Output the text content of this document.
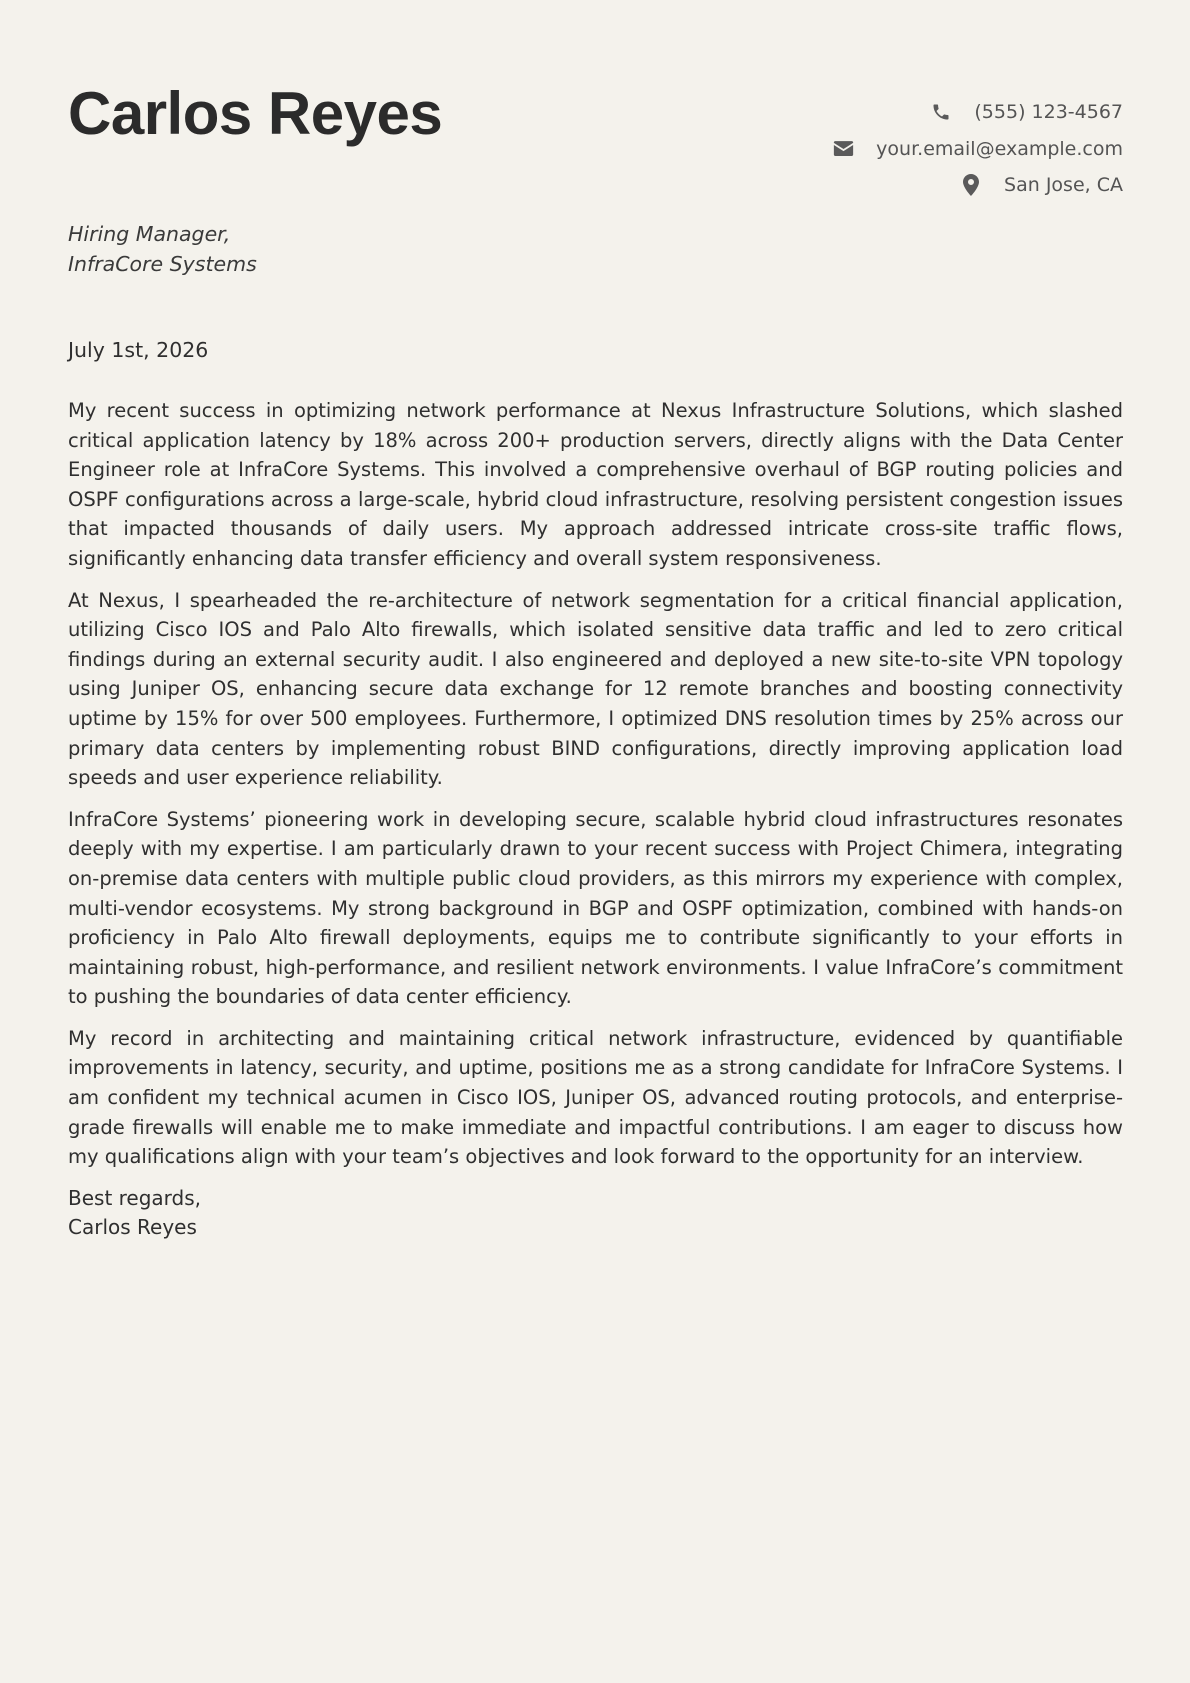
Carlos Reyes	(555) 123-4567
your.email@example.com
San Jose, CA
Hiring Manager,
InfraCore Systems
July 1st, 2026

My recent success in optimizing network performance at Nexus Infrastructure Solutions, which slashed critical application latency by 18% across 200+ production servers, directly aligns with the Data Center Engineer role at InfraCore Systems. This involved a comprehensive overhaul of BGP routing policies and OSPF configurations across a large-scale, hybrid cloud infrastructure, resolving persistent congestion issues that impacted thousands of daily users. My approach addressed intricate cross-site traffic flows, significantly enhancing data transfer efficiency and overall system responsiveness.

At Nexus, I spearheaded the re-architecture of network segmentation for a critical financial application, utilizing Cisco IOS and Palo Alto firewalls, which isolated sensitive data traffic and led to zero critical findings during an external security audit. I also engineered and deployed a new site-to-site VPN topology using Juniper OS, enhancing secure data exchange for 12 remote branches and boosting connectivity uptime by 15% for over 500 employees. Furthermore, I optimized DNS resolution times by 25% across our primary data centers by implementing robust BIND configurations, directly improving application load speeds and user experience reliability.

InfraCore Systems’ pioneering work in developing secure, scalable hybrid cloud infrastructures resonates deeply with my expertise. I am particularly drawn to your recent success with Project Chimera, integrating on-premise data centers with multiple public cloud providers, as this mirrors my experience with complex, multi-vendor ecosystems. My strong background in BGP and OSPF optimization, combined with hands-on proficiency in Palo Alto firewall deployments, equips me to contribute significantly to your efforts in maintaining robust, high-performance, and resilient network environments. I value InfraCore’s commitment to pushing the boundaries of data center efficiency.

My record in architecting and maintaining critical network infrastructure, evidenced by quantifiable improvements in latency, security, and uptime, positions me as a strong candidate for InfraCore Systems. I am confident my technical acumen in Cisco IOS, Juniper OS, advanced routing protocols, and enterprise-grade firewalls will enable me to make immediate and impactful contributions. I am eager to discuss how my qualifications align with your team’s objectives and look forward to the opportunity for an interview.

Best regards,
Carlos Reyes
